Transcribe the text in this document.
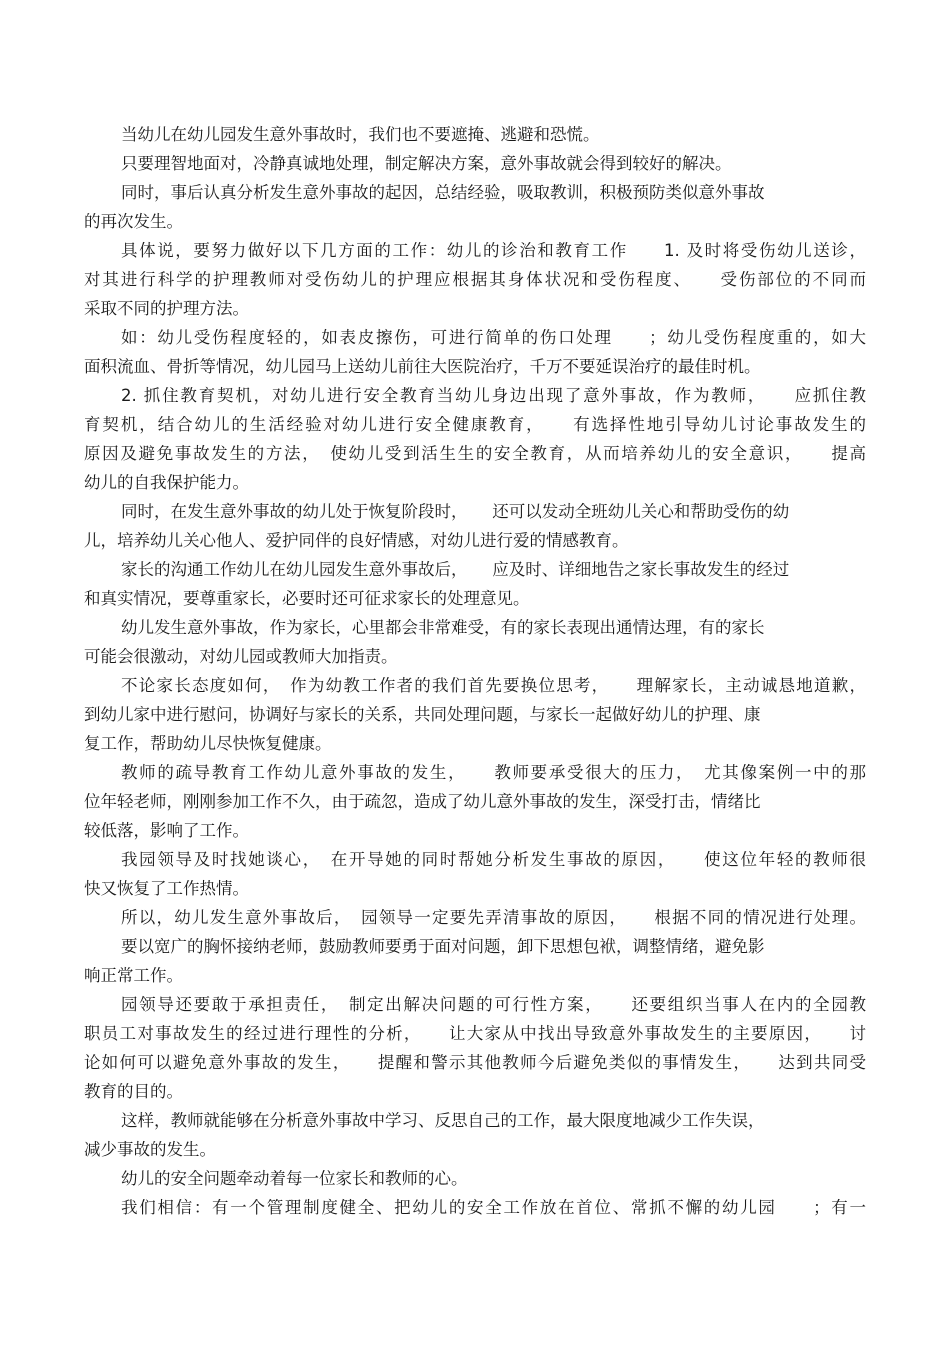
当幼儿在幼儿园发生意外事故时，我们也不要遮掩、逃避和恐慌。
只要理智地面对，冷静真诚地处理，制定解决方案，意外事故就会得到较好的解决。
同时，事后认真分析发生意外事故的起因，总结经验，吸取教训，积极预防类似意外事故
的再次发生。
具体说，要努力做好以下几方面的工作：幼儿的诊治和教育工作　　1. 及时将受伤幼儿送诊，
对其进行科学的护理教师对受伤幼儿的护理应根据其身体状况和受伤程度、　　受伤部位的不同而
采取不同的护理方法。
如：幼儿受伤程度轻的，如表皮擦伤，可进行简单的伤口处理　　；幼儿受伤程度重的，如大
面积流血、骨折等情况，幼儿园马上送幼儿前往大医院治疗，千万不要延误治疗的最佳时机。
2. 抓住教育契机，对幼儿进行安全教育当幼儿身边出现了意外事故，作为教师，　　应抓住教
育契机，结合幼儿的生活经验对幼儿进行安全健康教育，　　有选择性地引导幼儿讨论事故发生的
原因及避免事故发生的方法，　使幼儿受到活生生的安全教育，从而培养幼儿的安全意识，　　提高
幼儿的自我保护能力。
同时，在发生意外事故的幼儿处于恢复阶段时，　　还可以发动全班幼儿关心和帮助受伤的幼
儿，培养幼儿关心他人、爱护同伴的良好情感，对幼儿进行爱的情感教育。
家长的沟通工作幼儿在幼儿园发生意外事故后，　　应及时、详细地告之家长事故发生的经过
和真实情况，要尊重家长，必要时还可征求家长的处理意见。
幼儿发生意外事故，作为家长，心里都会非常难受，有的家长表现出通情达理，有的家长
可能会很激动，对幼儿园或教师大加指责。
不论家长态度如何，　作为幼教工作者的我们首先要换位思考，　　理解家长，主动诚恳地道歉，
到幼儿家中进行慰问，协调好与家长的关系，共同处理问题，与家长一起做好幼儿的护理、康
复工作，帮助幼儿尽快恢复健康。
教师的疏导教育工作幼儿意外事故的发生，　　教师要承受很大的压力，　尤其像案例一中的那
位年轻老师，刚刚参加工作不久，由于疏忽，造成了幼儿意外事故的发生，深受打击，情绪比
较低落，影响了工作。
我园领导及时找她谈心，　在开导她的同时帮她分析发生事故的原因，　　使这位年轻的教师很
快又恢复了工作热情。
所以，幼儿发生意外事故后，　园领导一定要先弄清事故的原因，　　根据不同的情况进行处理。
要以宽广的胸怀接纳老师，鼓励教师要勇于面对问题，卸下思想包袱，调整情绪，避免影
响正常工作。
园领导还要敢于承担责任，　制定出解决问题的可行性方案，　　还要组织当事人在内的全园教
职员工对事故发生的经过进行理性的分析，　　让大家从中找出导致意外事故发生的主要原因，　　讨
论如何可以避免意外事故的发生，　　提醒和警示其他教师今后避免类似的事情发生，　　达到共同受
教育的目的。
这样，教师就能够在分析意外事故中学习、反思自己的工作，最大限度地减少工作失误，
减少事故的发生。
幼儿的安全问题牵动着每一位家长和教师的心。
我们相信：有一个管理制度健全、把幼儿的安全工作放在首位、常抓不懈的幼儿园　　；有一
